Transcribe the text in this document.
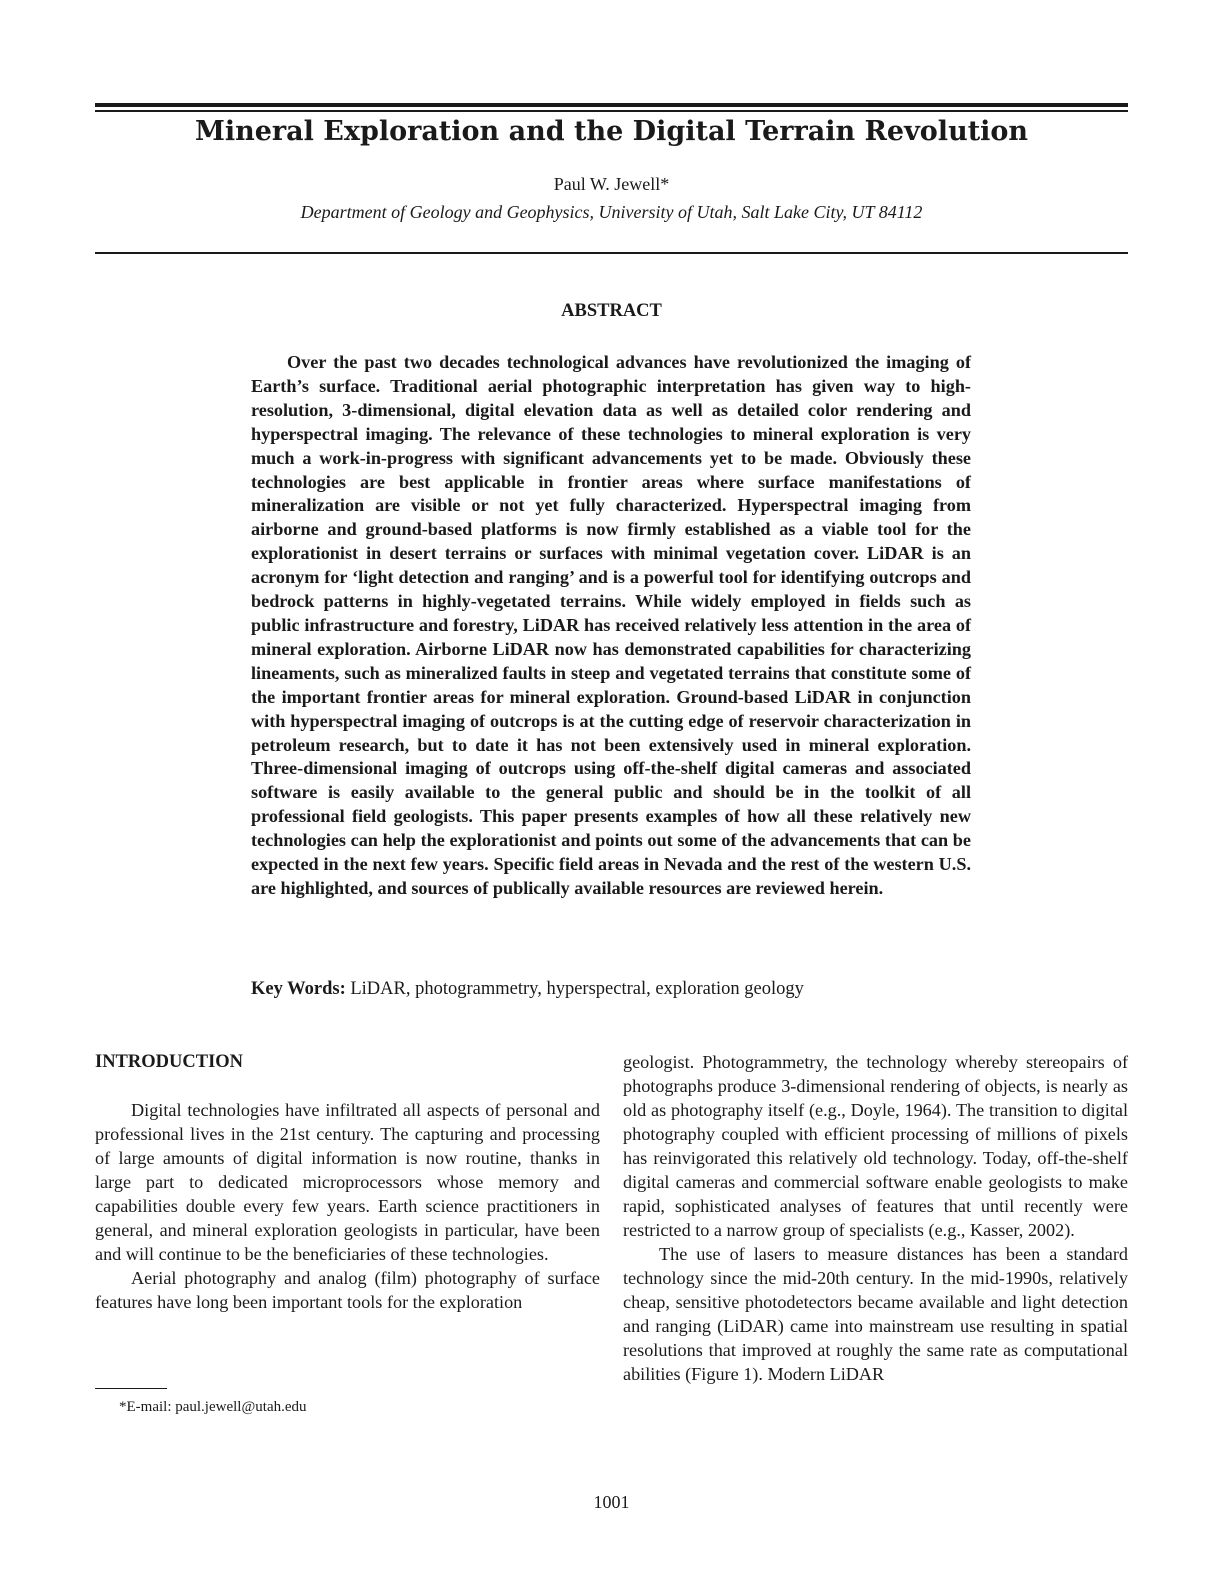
Mineral Exploration and the Digital Terrain Revolution
Paul W. Jewell*
Department of Geology and Geophysics, University of Utah, Salt Lake City, UT 84112
ABSTRACT

Over the past two decades technological advances have revolutionized the imaging of Earth’s surface. Traditional aerial photographic interpretation has given way to high-resolution, 3-dimensional, digital elevation data as well as detailed color rendering and hyperspectral imaging. The relevance of these technologies to mineral exploration is very much a work-in-progress with significant advancements yet to be made. Obviously these technologies are best applicable in frontier areas where surface manifestations of mineralization are visible or not yet fully characterized. Hyperspectral imaging from airborne and ground-based platforms is now firmly established as a viable tool for the explorationist in desert terrains or surfaces with minimal vegetation cover. LiDAR is an acronym for ‘light detection and ranging’ and is a powerful tool for identifying outcrops and bedrock patterns in highly-vegetated terrains. While widely employed in fields such as public infrastructure and forestry, LiDAR has received relatively less attention in the area of mineral exploration. Airborne LiDAR now has demonstrated capabilities for characterizing lineaments, such as mineralized faults in steep and vegetated terrains that constitute some of the important frontier areas for mineral exploration. Ground-based LiDAR in conjunction with hyperspectral imaging of outcrops is at the cutting edge of reservoir characterization in petroleum research, but to date it has not been extensively used in mineral exploration. Three-dimensional imaging of outcrops using off-the-shelf digital cameras and associated software is easily available to the general public and should be in the toolkit of all professional field geologists. This paper presents examples of how all these relatively new technologies can help the explorationist and points out some of the advancements that can be expected in the next few years. Specific field areas in Nevada and the rest of the western U.S. are highlighted, and sources of publically available resources are reviewed herein.

Key Words: LiDAR, photogrammetry, hyperspectral, exploration geology
INTRODUCTION

Digital technologies have infiltrated all aspects of personal and professional lives in the 21st century. The capturing and processing of large amounts of digital information is now routine, thanks in large part to dedicated microprocessors whose memory and capabilities double every few years. Earth science practitioners in general, and mineral exploration geologists in particular, have been and will continue to be the beneficiaries of these technologies.

Aerial photography and analog (film) photography of surface features have long been important tools for the exploration

geologist. Photogrammetry, the technology whereby stereopairs of photographs produce 3-dimensional rendering of objects, is nearly as old as photography itself (e.g., Doyle, 1964). The transition to digital photography coupled with efficient processing of millions of pixels has reinvigorated this relatively old technology. Today, off-the-shelf digital cameras and commercial software enable geologists to make rapid, sophisticated analyses of features that until recently were restricted to a narrow group of specialists (e.g., Kasser, 2002).

The use of lasers to measure distances has been a standard technology since the mid-20th century. In the mid-1990s, relatively cheap, sensitive photodetectors became available and light detection and ranging (LiDAR) came into mainstream use resulting in spatial resolutions that improved at roughly the same rate as computational abilities (Figure 1). Modern LiDAR

*E-mail: paul.jewell@utah.edu
1001
